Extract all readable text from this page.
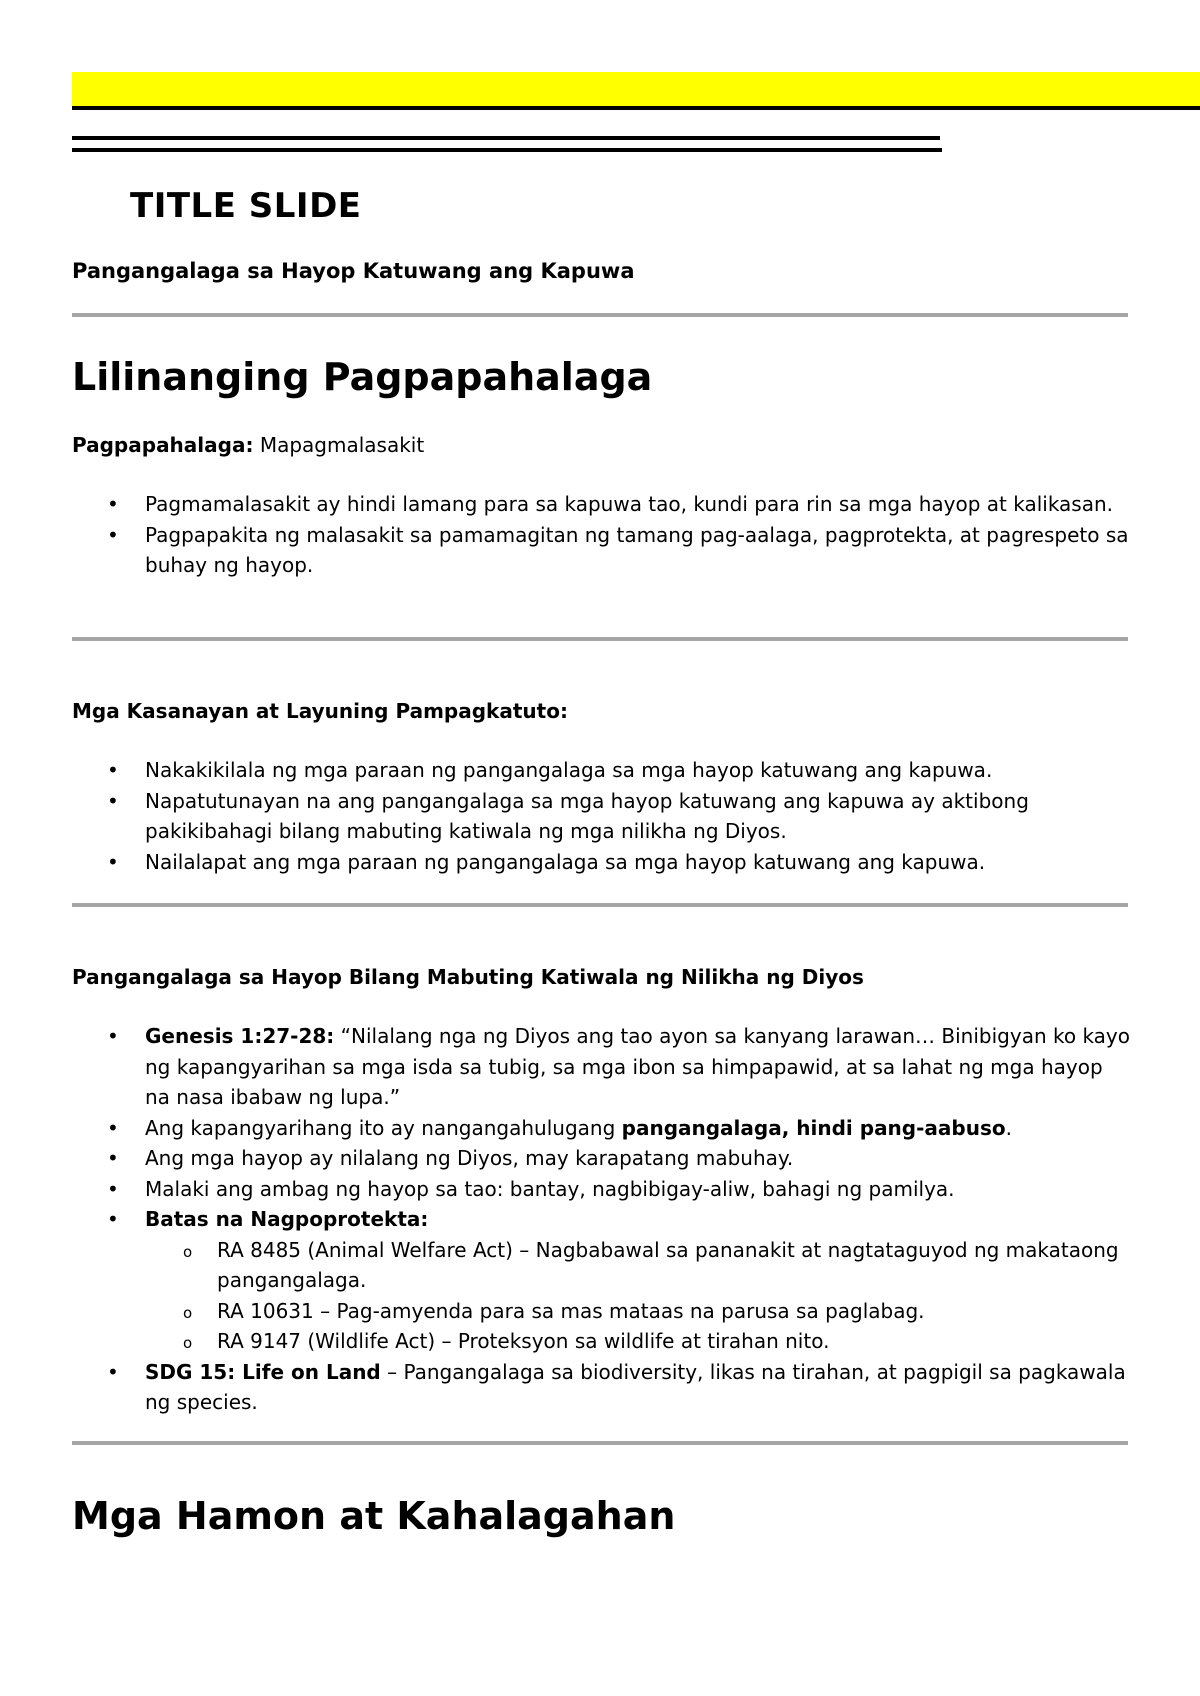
TITLE SLIDE

Pangangalaga sa Hayop Katuwang ang Kapuwa

Lilinanging Pagpapahalaga

Pagpapahalaga: Mapagmalasakit

• Pagmamalasakit ay hindi lamang para sa kapuwa tao, kundi para rin sa mga hayop at kalikasan.
• Pagpapakita ng malasakit sa pamamagitan ng tamang pag-aalaga, pagprotekta, at pagrespeto sa buhay ng hayop.

Mga Kasanayan at Layuning Pampagkatuto:

• Nakakikilala ng mga paraan ng pangangalaga sa mga hayop katuwang ang kapuwa.
• Napatutunayan na ang pangangalaga sa mga hayop katuwang ang kapuwa ay aktibong pakikibahagi bilang mabuting katiwala ng mga nilikha ng Diyos.
• Nailalapat ang mga paraan ng pangangalaga sa mga hayop katuwang ang kapuwa.

Pangangalaga sa Hayop Bilang Mabuting Katiwala ng Nilikha ng Diyos

• Genesis 1:27-28: “Nilalang nga ng Diyos ang tao ayon sa kanyang larawan… Binibigyan ko kayo ng kapangyarihan sa mga isda sa tubig, sa mga ibon sa himpapawid, at sa lahat ng mga hayop na nasa ibabaw ng lupa.”
• Ang kapangyarihang ito ay nangangahulugang pangangalaga, hindi pang-aabuso.
• Ang mga hayop ay nilalang ng Diyos, may karapatang mabuhay.
• Malaki ang ambag ng hayop sa tao: bantay, nagbibigay-aliw, bahagi ng pamilya.
• Batas na Nagpoprotekta:
o RA 8485 (Animal Welfare Act) – Nagbabawal sa pananakit at nagtataguyod ng makataong pangangalaga.
o RA 10631 – Pag-amyenda para sa mas mataas na parusa sa paglabag.
o RA 9147 (Wildlife Act) – Proteksyon sa wildlife at tirahan nito.
• SDG 15: Life on Land – Pangangalaga sa biodiversity, likas na tirahan, at pagpigil sa pagkawala ng species.
Mga Hamon at Kahalagahan
